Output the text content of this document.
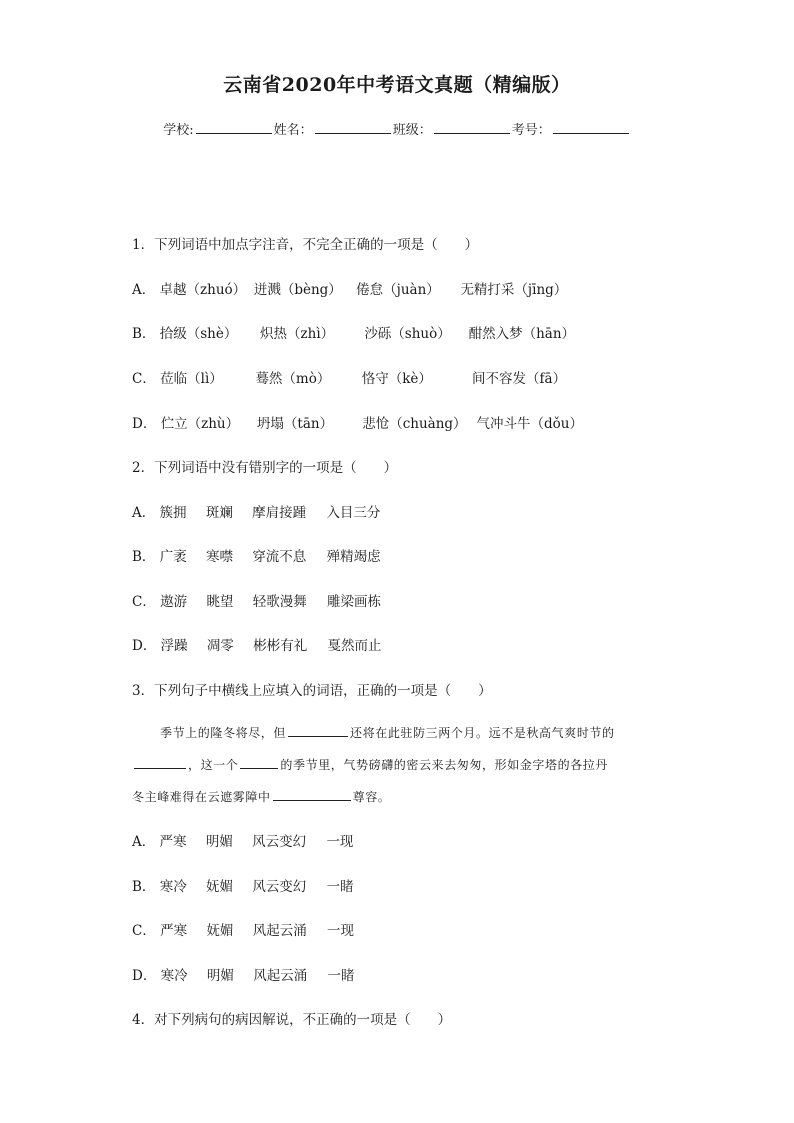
云南省2020年中考语文真题（精编版）
学校:	姓名：	班级：	考号：
1．下列词语中加点字注音，不完全正确的一项是（　　）
A． 卓越（zhuó） 迸溅（bèng） 倦怠（juàn） 无精打采（jīng）
B． 拾级（shè） 炽热（zhì） 沙砾（shuò） 酣然入梦（hān）
C． 莅临（lì） 蓦然（mò） 恪守（kè）	间不容发（fā）
D． 伫立（zhù） 坍塌（tān） 悲怆（chuàng） 气冲斗牛（dǒu）
2．下列词语中没有错别字的一项是（　　）
A． 簇拥 斑斓 摩肩接踵 入目三分
B． 广袤 寒噤 穿流不息 殚精竭虑
C． 遨游 眺望 轻歌漫舞 雕梁画栋
D． 浮躁 凋零 彬彬有礼 戛然而止
3．下列句子中横线上应填入的词语，正确的一项是（　　）
季节上的隆冬将尽，但	还将在此驻防三两个月。远不是秋高气爽时节的
，这一个	的季节里，气势磅礴的密云来去匆匆，形如金字塔的各拉丹
冬主峰难得在云遮雾障中	尊容。
A． 严寒 明媚 风云变幻 一现
B． 寒冷 妩媚 风云变幻 一睹
C． 严寒 妩媚 风起云涌 一现
D． 寒冷 明媚 风起云涌 一睹
4．对下列病句的病因解说，不正确的一项是（　　）
